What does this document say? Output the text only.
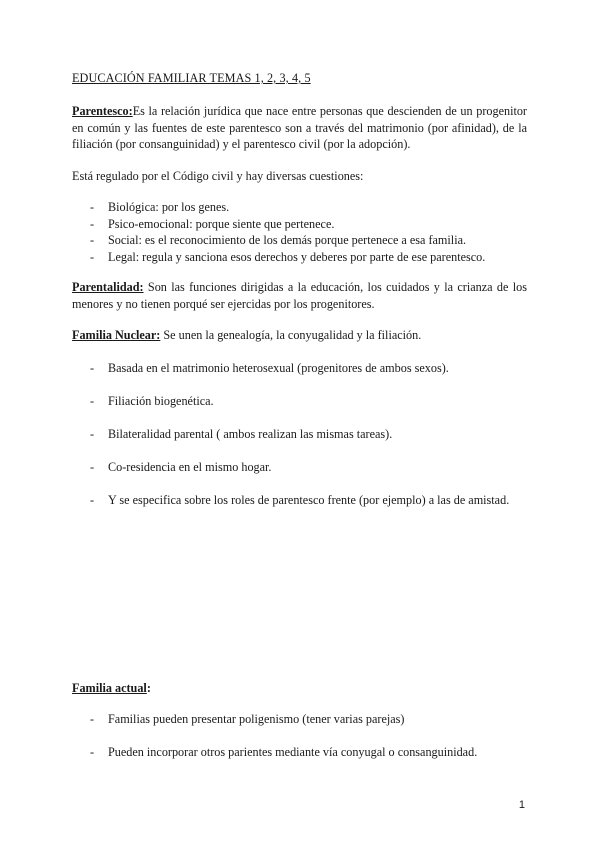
EDUCACIÓN FAMILIAR TEMAS 1, 2, 3, 4, 5
Parentesco:Es la relación jurídica que nace entre personas que descienden de un progenitor en común y las fuentes de este parentesco son a través del matrimonio (por afinidad), de la filiación (por consanguinidad) y el parentesco civil (por la adopción).
Está regulado por el Código civil y hay diversas cuestiones:
- Biológica: por los genes.
- Psico-emocional: porque siente que pertenece.
- Social: es el reconocimiento de los demás porque pertenece a esa familia.
- Legal: regula y sanciona esos derechos y deberes por parte de ese parentesco.
Parentalidad: Son las funciones dirigidas a la educación, los cuidados y la crianza de los menores y no tienen porqué ser ejercidas por los progenitores.
Familia Nuclear: Se unen la genealogía, la conyugalidad y la filiación.
- Basada en el matrimonio heterosexual (progenitores de ambos sexos).
- Filiación biogenética.
- Bilateralidad parental ( ambos realizan las mismas tareas).
- Co-residencia en el mismo hogar.
- Y se especifica sobre los roles de parentesco frente (por ejemplo) a las de amistad.
Familia actual:
- Familias pueden presentar poligenismo (tener varias parejas)
- Pueden incorporar otros parientes mediante vía conyugal o consanguinidad.
1
